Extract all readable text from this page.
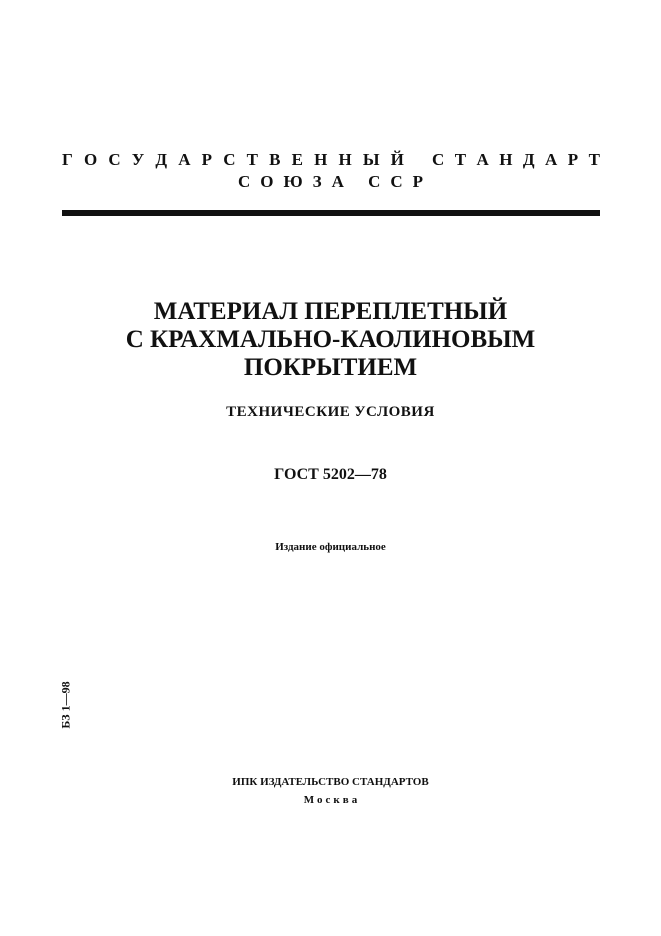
Г О С У Д А Р С Т В Е Н Н Ы Й С Т А Н Д А Р Т
СОЮЗА ССР
МАТЕРИАЛ ПЕРЕПЛЕТНЫЙ
С КРАХМАЛЬНО-КАОЛИНОВЫМ
ПОКРЫТИЕМ
ТЕХНИЧЕСКИЕ УСЛОВИЯ
ГОСТ 5202—78
Издание официальное
БЗ 1—98
ИПК ИЗДАТЕЛЬСТВО СТАНДАРТОВ
Москва
